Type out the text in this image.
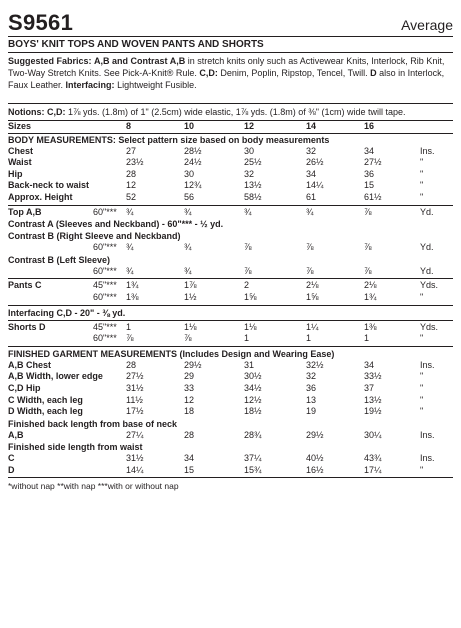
S9561	Average
BOYS' KNIT TOPS AND WOVEN PANTS AND SHORTS
Suggested Fabrics: A,B and Contrast A,B in stretch knits only such as Activewear Knits, Interlock, Rib Knit, Two-Way Stretch Knits. See Pick-A-Knit® Rule. C,D: Denim, Poplin, Ripstop, Tencel, Twill. D also in Interlock, Faux Leather. Interfacing: Lightweight Fusible.
Notions: C,D: 1⅞ yds. (1.8m) of 1" (2.5cm) wide elastic, 1⅞ yds. (1.8m) of ⅜" (1cm) wide twill tape.
Sizes	8	10	12	14	16
BODY MEASUREMENTS: Select pattern size based on body measurements
Chest	27	28½	30	32	34	Ins.
Waist	23½	24½	25½	26½	27½	"
Hip	28	30	32	34	36	"
Back-neck to waist	12	12¾	13½	14¼	15	"
Approx. Height	52	56	58½	61	61½	"
Top A,B	60"*** ¾	¾	¾	¾	⅞	Yd.
Contrast A (Sleeves and Neckband) - 60"*** - ½ yd.
Contrast B (Right Sleeve and Neckband)
60"*** ¾	¾	⅞	⅞	⅞	Yd.
Contrast B (Left Sleeve)
60"*** ¾	¾	⅞	⅞	⅞	Yd.
Pants C	45"*** 1¾	1⅞	2	2⅛	2⅛	Yds.
60"*** 1⅜	1½	1⅝	1⅝	1¾	"
Interfacing C,D - 20" - ⅜ yd.
Shorts D	45"*** 1	1⅛	1⅛	1¼	1⅜	Yds.
60"*** ⅞	⅞	1	1	1	"
FINISHED GARMENT MEASUREMENTS (Includes Design and Wearing Ease)
A,B Chest	28	29½	31	32½	34	Ins.
A,B Width, lower edge	27½	29	30½	32	33½	"
C,D Hip	31½	33	34½	36	37	"
C Width, each leg	11½	12	12½	13	13½	"
D Width, each leg	17½	18	18½	19	19½	"
Finished back length from base of neck
A,B	27¼	28	28¾	29½	30¼	Ins.
Finished side length from waist
C	31½	34	37¼	40½	43¾	Ins.
D	14¼	15	15¾	16½	17¼	"
*without nap **with nap ***with or without nap
